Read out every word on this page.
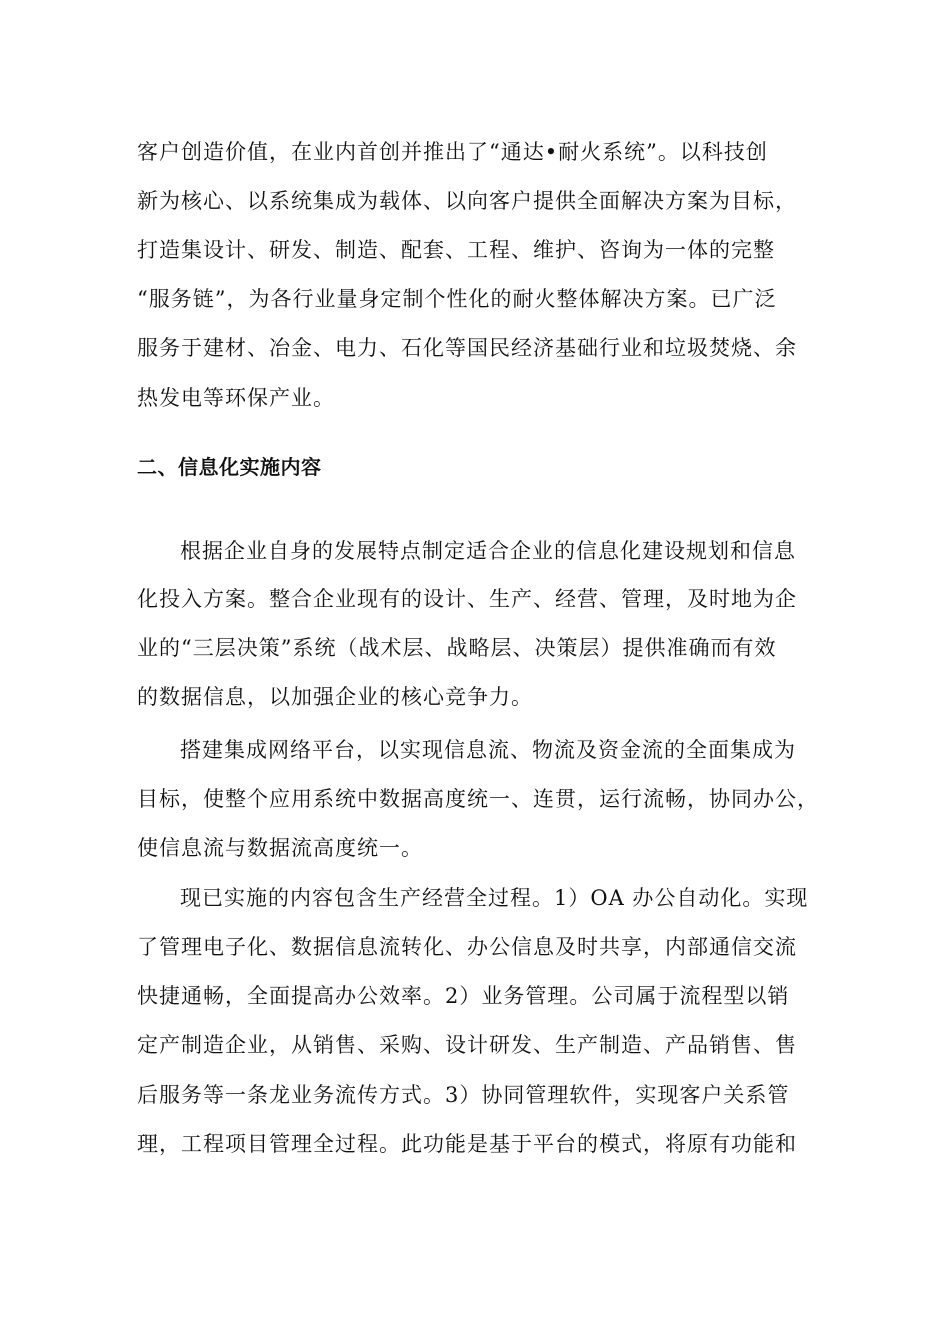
客户创造价值，在业内首创并推出了“通达•耐火系统”。以科技创
新为核心、以系统集成为载体、以向客户提供全面解决方案为目标，
打造集设计、研发、制造、配套、工程、维护、咨询为一体的完整
“服务链”，为各行业量身定制个性化的耐火整体解决方案。已广泛
服务于建材、冶金、电力、石化等国民经济基础行业和垃圾焚烧、余
热发电等环保产业。
二、信息化实施内容
根据企业自身的发展特点制定适合企业的信息化建设规划和信息
化投入方案。整合企业现有的设计、生产、经营、管理，及时地为企
业的“三层决策”系统（战术层、战略层、决策层）提供准确而有效
的数据信息，以加强企业的核心竞争力。
搭建集成网络平台，以实现信息流、物流及资金流的全面集成为
目标，使整个应用系统中数据高度统一、连贯，运行流畅，协同办公，
使信息流与数据流高度统一。
现已实施的内容包含生产经营全过程。1）OA 办公自动化。实现
了管理电子化、数据信息流转化、办公信息及时共享，内部通信交流
快捷通畅，全面提高办公效率。2）业务管理。公司属于流程型以销
定产制造企业，从销售、采购、设计研发、生产制造、产品销售、售
后服务等一条龙业务流传方式。3）协同管理软件，实现客户关系管
理，工程项目管理全过程。此功能是基于平台的模式，将原有功能和
